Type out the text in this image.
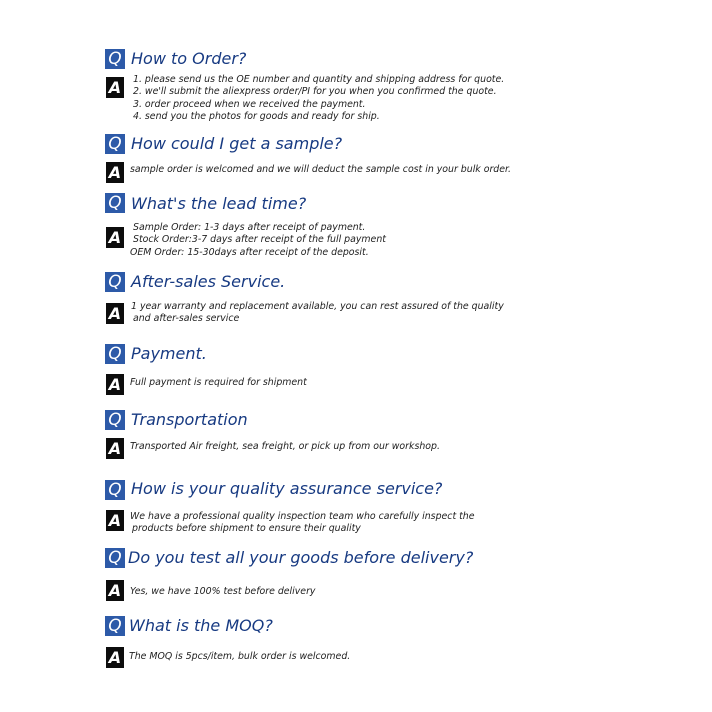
Q How to Order?
A 1. please send us the OE number and quantity and shipping address for quote.
2. we'll submit the aliexpress order/PI for you when you confirmed the quote.
3. order proceed when we received the payment.
4. send you the photos for goods and ready for ship.
Q How could I get a sample?
A sample order is welcomed and we will deduct the sample cost in your bulk order.
Q What's the lead time?
A
Sample Order: 1-3 days after receipt of payment.
Stock Order:3-7 days after receipt of the full payment
OEM Order: 15-30days after receipt of the deposit.
Q After-sales Service.
A 1 year warranty and replacement available, you can rest assured of the quality
and after-sales service
Q Payment.
A Full payment is required for shipment
Q Transportation
A Transported Air freight, sea freight, or pick up from our workshop.
Q How is your quality assurance service?
A We have a professional quality inspection team who carefully inspect the
products before shipment to ensure their quality
Q Do you test all your goods before delivery?
A Yes, we have 100% test before delivery
Q What is the MOQ?
A The MOQ is 5pcs/item, bulk order is welcomed.
